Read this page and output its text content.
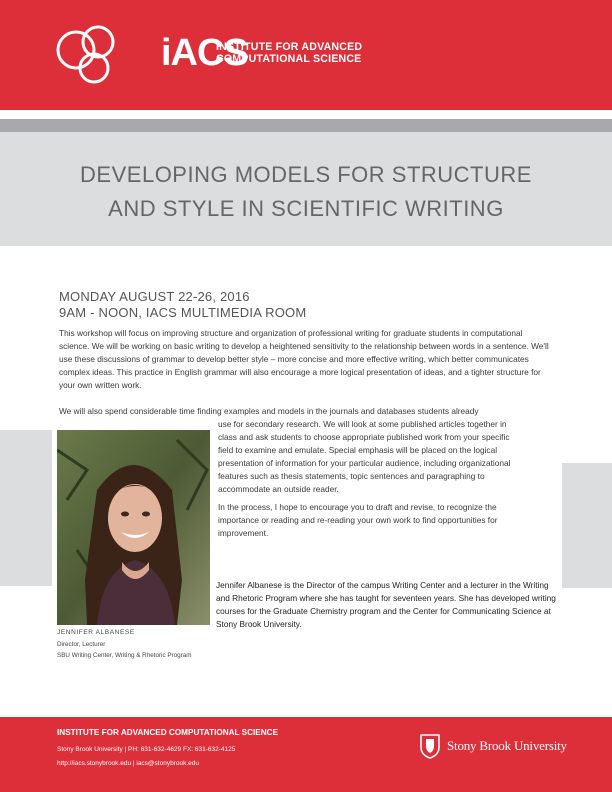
iACS
INSTITUTE FOR ADVANCED
COMPUTATIONAL SCIENCE
DEVELOPING MODELS FOR STRUCTURE
AND STYLE IN SCIENTIFIC WRITING
MONDAY AUGUST 22-26, 2016
9AM - NOON, IACS MULTIMEDIA ROOM

This workshop will focus on improving structure and organization of professional writing for graduate students in computational science. We will be working on basic writing to develop a heightened sensitivity to the relationship between words in a sentence. We'll use these discussions of grammar to develop better style – more concise and more effective writing, which better communicates complex ideas. This practice in English grammar will also encourage a more logical presentation of ideas, and a tighter structure for your own written work.

We will also spend considerable time finding examples and models in the journals and databases students already

use for secondary research. We will look at some published articles together in class and ask students to choose appropriate published work from your specific field to examine and emulate. Special emphasis will be placed on the logical presentation of information for your particular audience, including organizational features such as thesis statements, topic sentences and paragraphing to accommodate an outside reader.

In the process, I hope to encourage you to draft and revise, to recognize the importance or reading and re-reading your own work to find opportunities for improvement.

JENNIFER ALBANESE
Director, Lecturer
SBU Writing Center, Writing & Rhetoric Program
Jennifer Albanese is the Director of the campus Writing Center and a lecturer in the Writing and Rhetoric Program where she has taught for seventeen years. She has developed writing courses for the Graduate Chemistry program and the Center for Communicating Science at Stony Brook University.
INSTITUTE FOR ADVANCED COMPUTATIONAL SCIENCE
Stony Brook University | PH: 631-632-4629 FX: 631-632-4125
http://iacs.stonybrook.edu | iacs@stonybrook.edu
Stony Brook University
